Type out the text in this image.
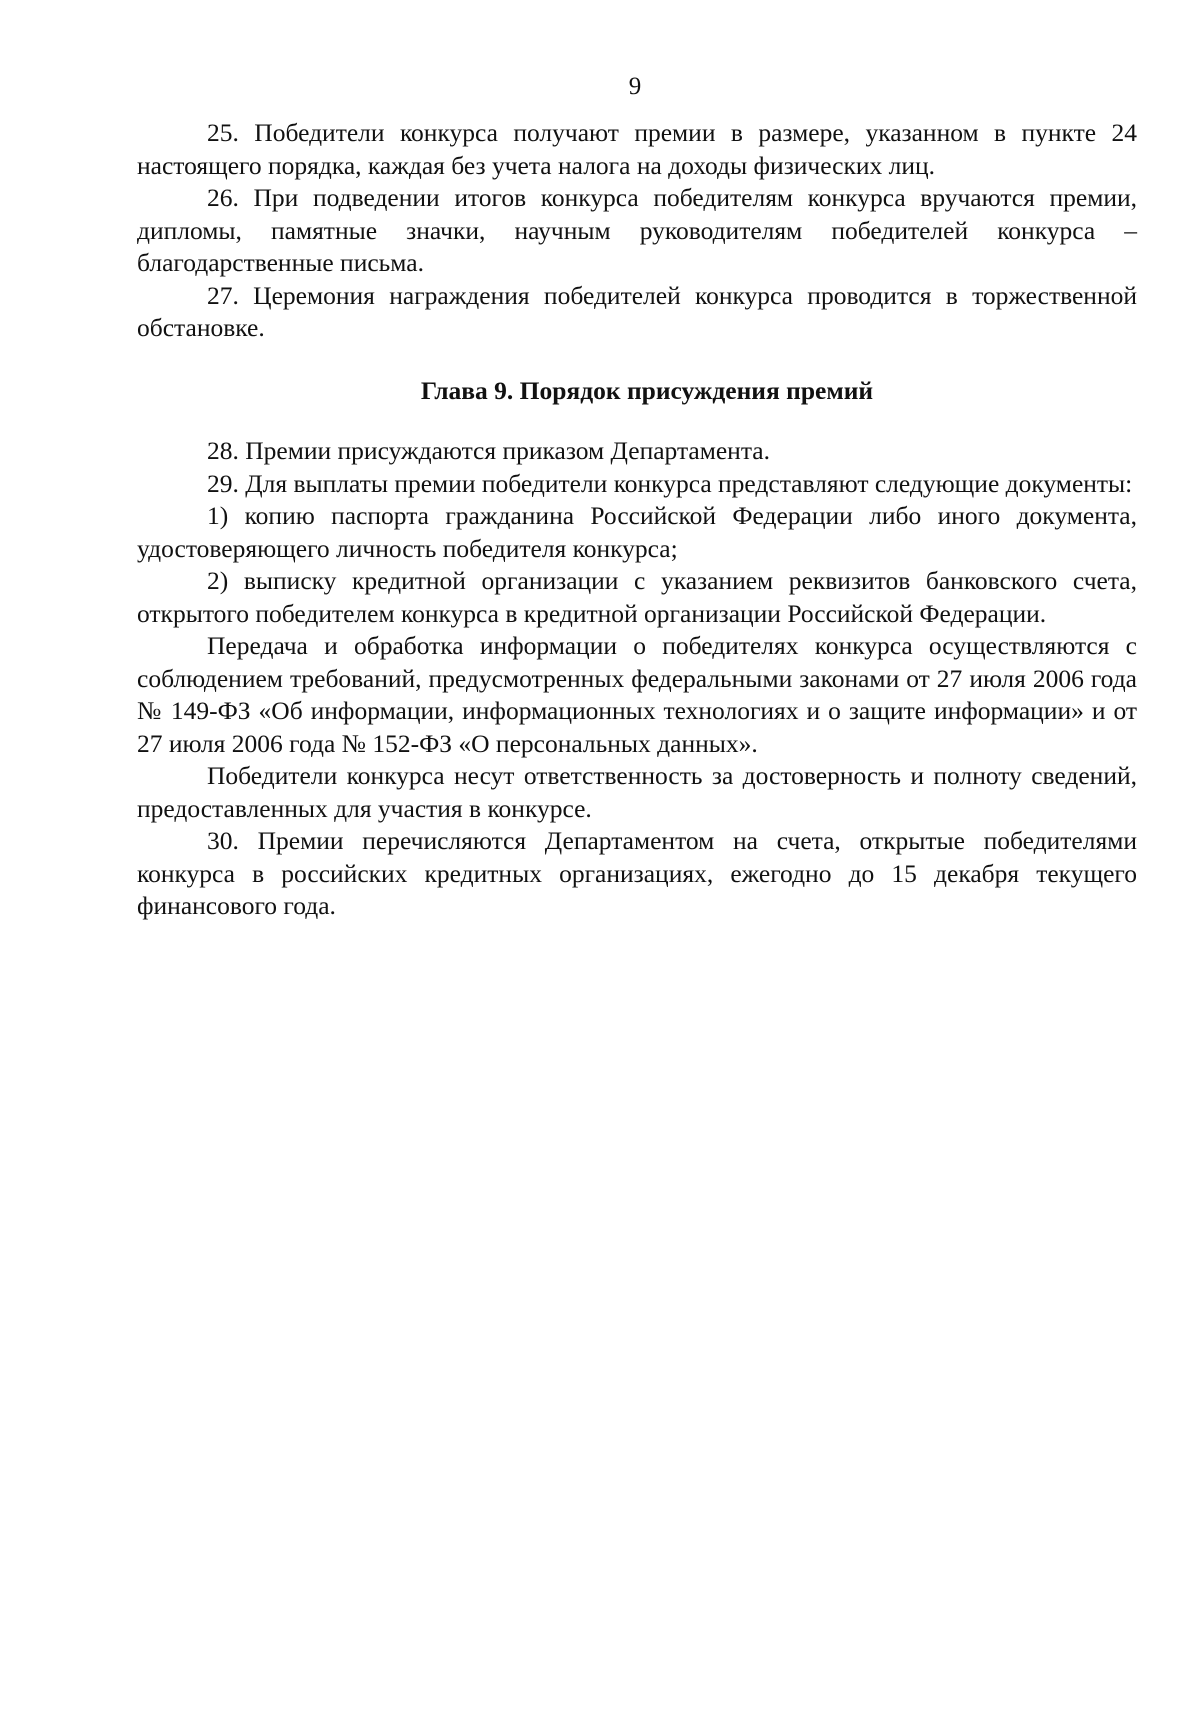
9

25. Победители конкурса получают премии в размере, указанном в пункте 24 настоящего порядка, каждая без учета налога на доходы физических лиц.

26. При подведении итогов конкурса победителям конкурса вручаются премии, дипломы, памятные значки, научным руководителям победителей конкурса – благодарственные письма.

27. Церемония награждения победителей конкурса проводится в торжественной обстановке.

Глава 9. Порядок присуждения премий

28. Премии присуждаются приказом Департамента.

29. Для выплаты премии победители конкурса представляют следующие документы:

1) копию паспорта гражданина Российской Федерации либо иного документа, удостоверяющего личность победителя конкурса;

2) выписку кредитной организации с указанием реквизитов банковского счета, открытого победителем конкурса в кредитной организации Российской Федерации.

Передача и обработка информации о победителях конкурса осуществляются с соблюдением требований, предусмотренных федеральными законами от 27 июля 2006 года № 149-ФЗ «Об информации, информационных технологиях и о защите информации» и от 27 июля 2006 года № 152-ФЗ «О персональных данных».

Победители конкурса несут ответственность за достоверность и полноту сведений, предоставленных для участия в конкурсе.

30. Премии перечисляются Департаментом на счета, открытые победителями конкурса в российских кредитных организациях, ежегодно до 15 декабря текущего финансового года.
